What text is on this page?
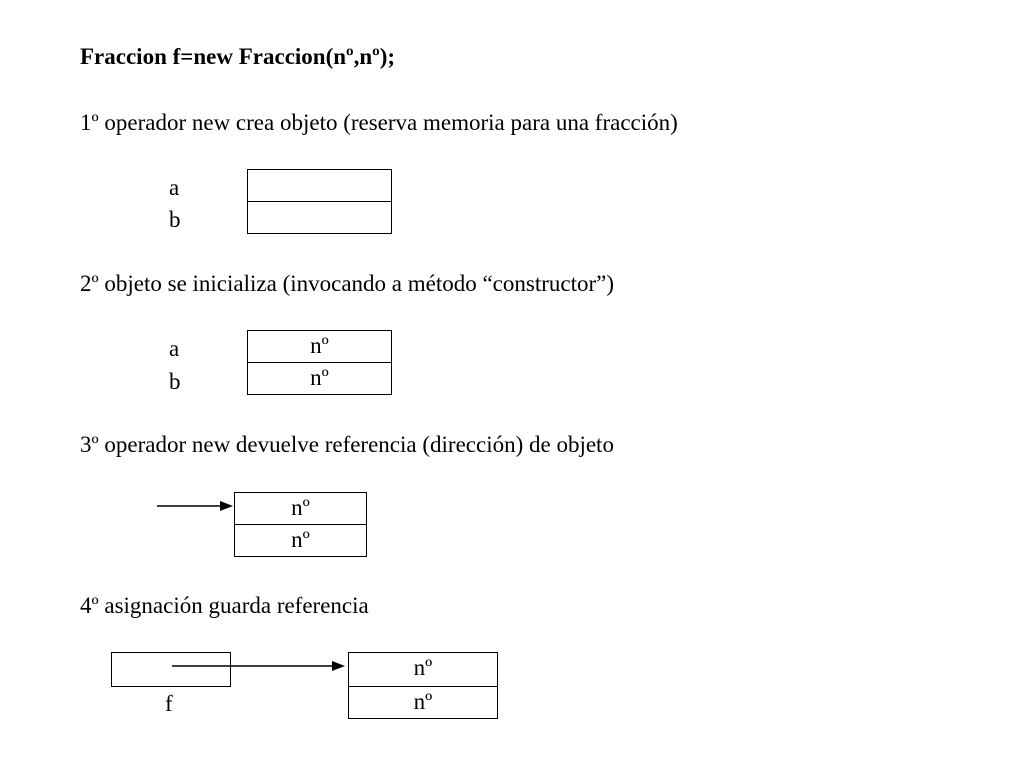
Fraccion f=new Fraccion(nº,nº);
1º operador new crea objeto (reserva memoria para una fracción)
a
b
2º objeto se inicializa (invocando a método “constructor”)
a
b
nº
nº
3º operador new devuelve referencia (dirección) de objeto
nº
nº
4º asignación guarda referencia
f
nº
nº
